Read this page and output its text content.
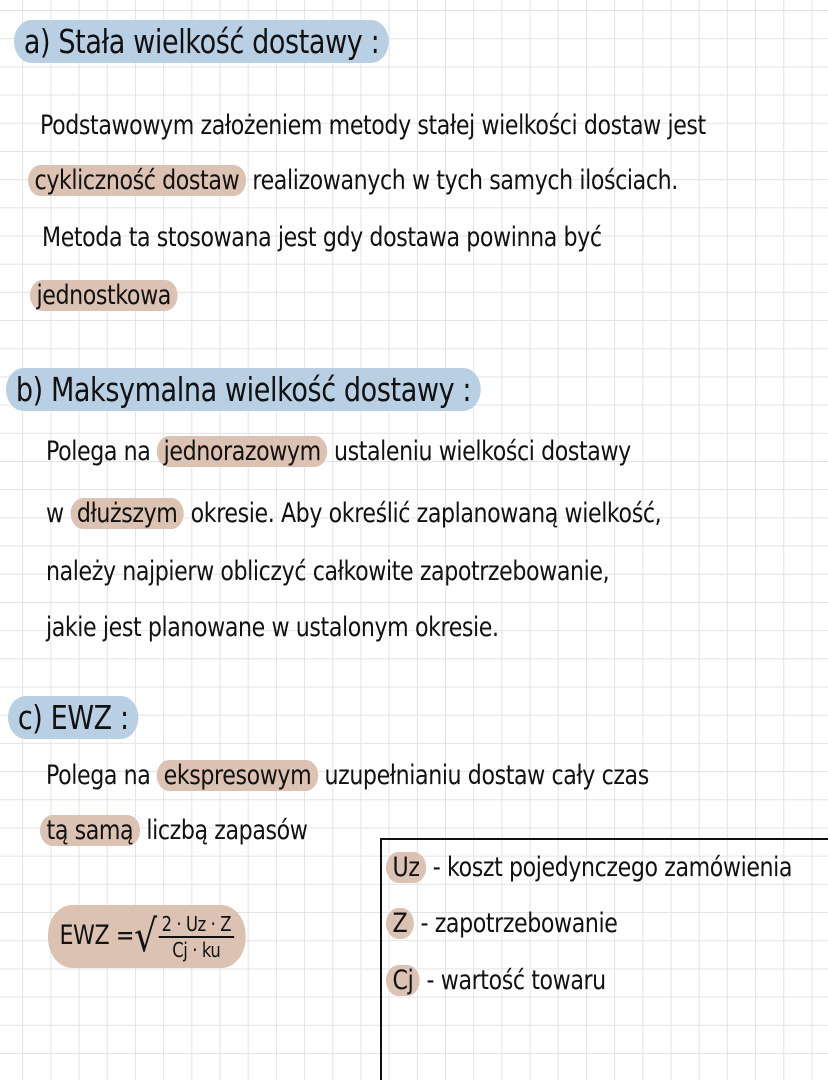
a) Stała wielkość dostawy :
Podstawowym założeniem metody stałej wielkości dostaw jest
cykliczność dostaw realizowanych w tych samych ilościach.
Metoda ta stosowana jest gdy dostawa powinna być
jednostkowa
b) Maksymalna wielkość dostawy :
Polega na jednorazowym ustaleniu wielkości dostawy
w dłuższym okresie. Aby określić zaplanowaną wielkość,
należy najpierw obliczyć całkowite zapotrzebowanie,
jakie jest planowane w ustalonym okresie.
c) EWZ :
Polega na ekspresowym uzupełnianiu dostaw cały czas
tą samą liczbą zapasów
EWZ =√ $\frac{2 \cdot Uz \cdot Z}{Cj \cdot ku}$
Uz - koszt pojedynczego zamówienia
Z - zapotrzebowanie
Cj - wartość towaru
